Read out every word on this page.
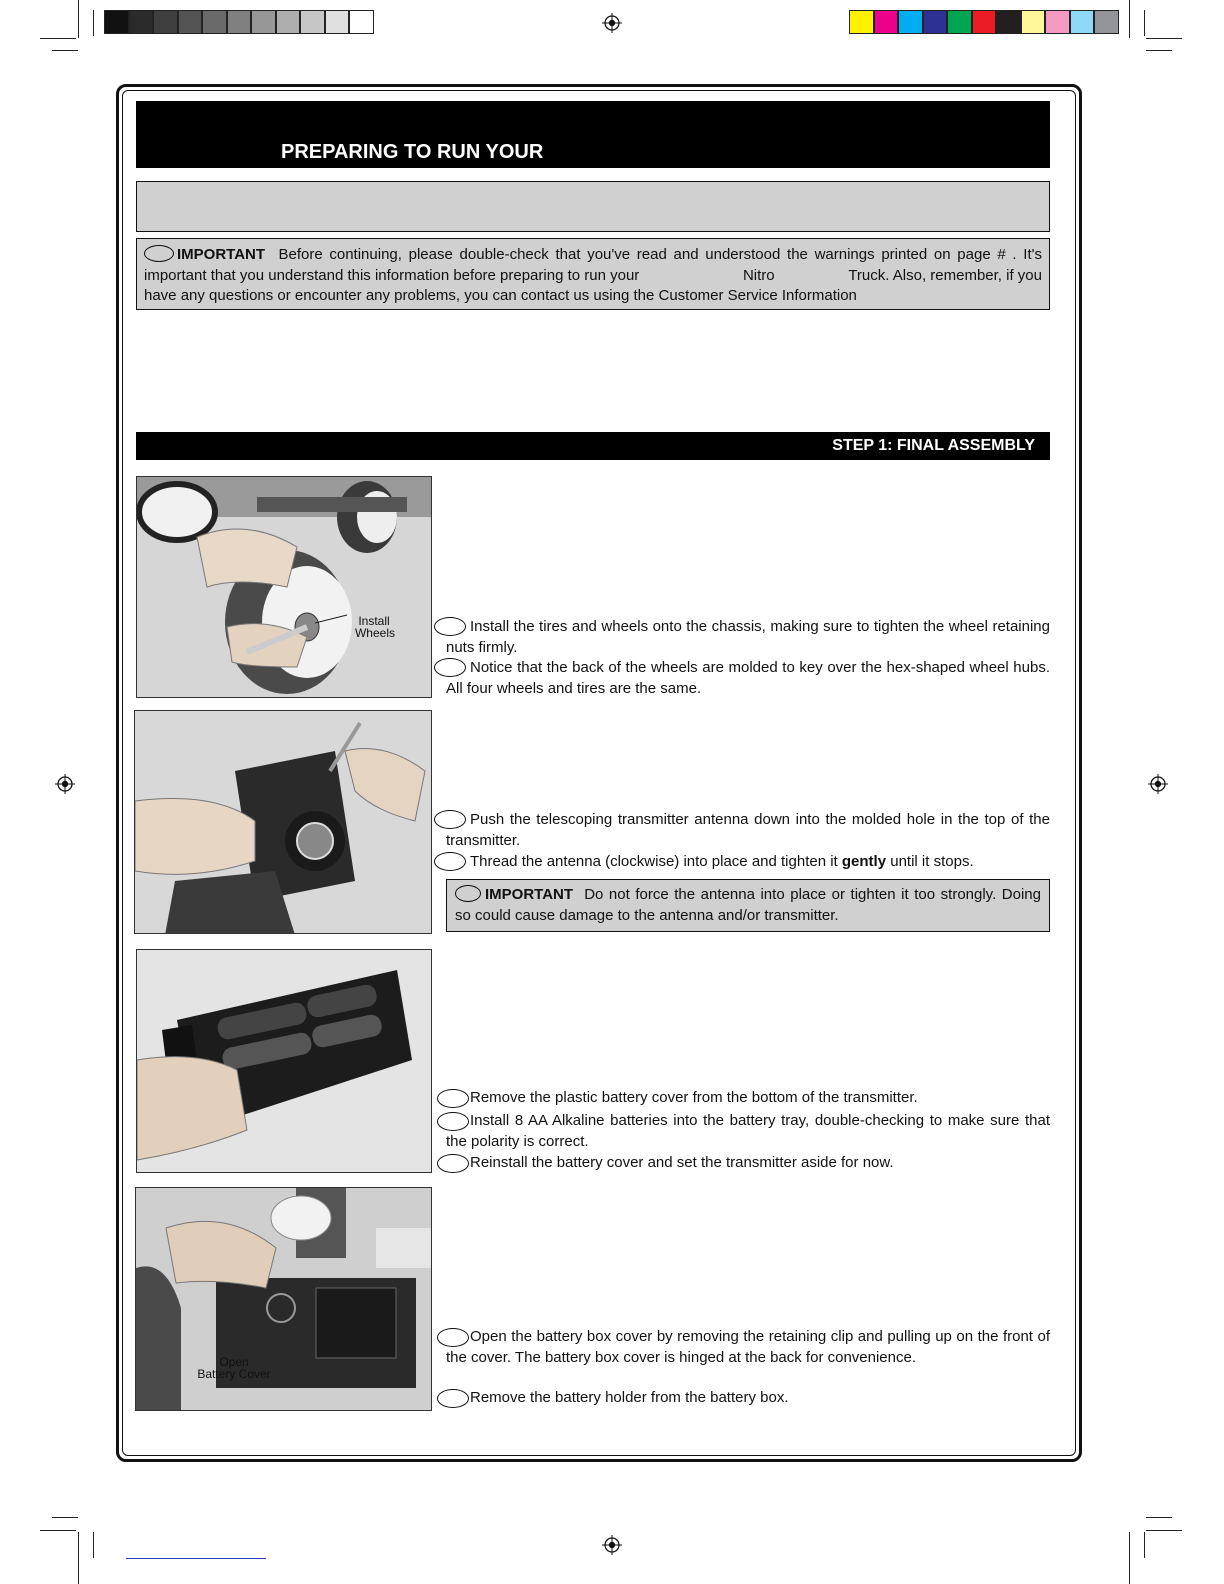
PREPARING TO RUN YOUR
IMPORTANT Before continuing, please double-check that you've read and understood the warnings printed on page # . It's
important that you understand this information before preparing to run your	Nitro	Truck. Also, remember, if you
have any questions or encounter any problems, you can contact us using the Customer Service Information
STEP 1: FINAL ASSEMBLY
Install
Wheels	Install the tires and wheels onto the chassis, making sure to tighten the wheel retaining nuts firmly.
Notice that the back of the wheels are molded to key over the hex-shaped wheel hubs. All four wheels and tires are the same.
Push the telescoping transmitter antenna down into the molded hole in the top of the transmitter.
Thread the antenna (clockwise) into place and tighten it gently until it stops.
IMPORTANT Do not force the antenna into place or tighten it too strongly. Doing so could cause damage to the antenna and/or transmitter.
Remove the plastic battery cover from the bottom of the transmitter.
Install 8 AA Alkaline batteries into the battery tray, double-checking to make sure that the polarity is correct.
Reinstall the battery cover and set the transmitter aside for now.
Open
Battery Cover
Open the battery box cover by removing the retaining clip and pulling up on the front of the cover. The battery box cover is hinged at the back for convenience.
Remove the battery holder from the battery box.
